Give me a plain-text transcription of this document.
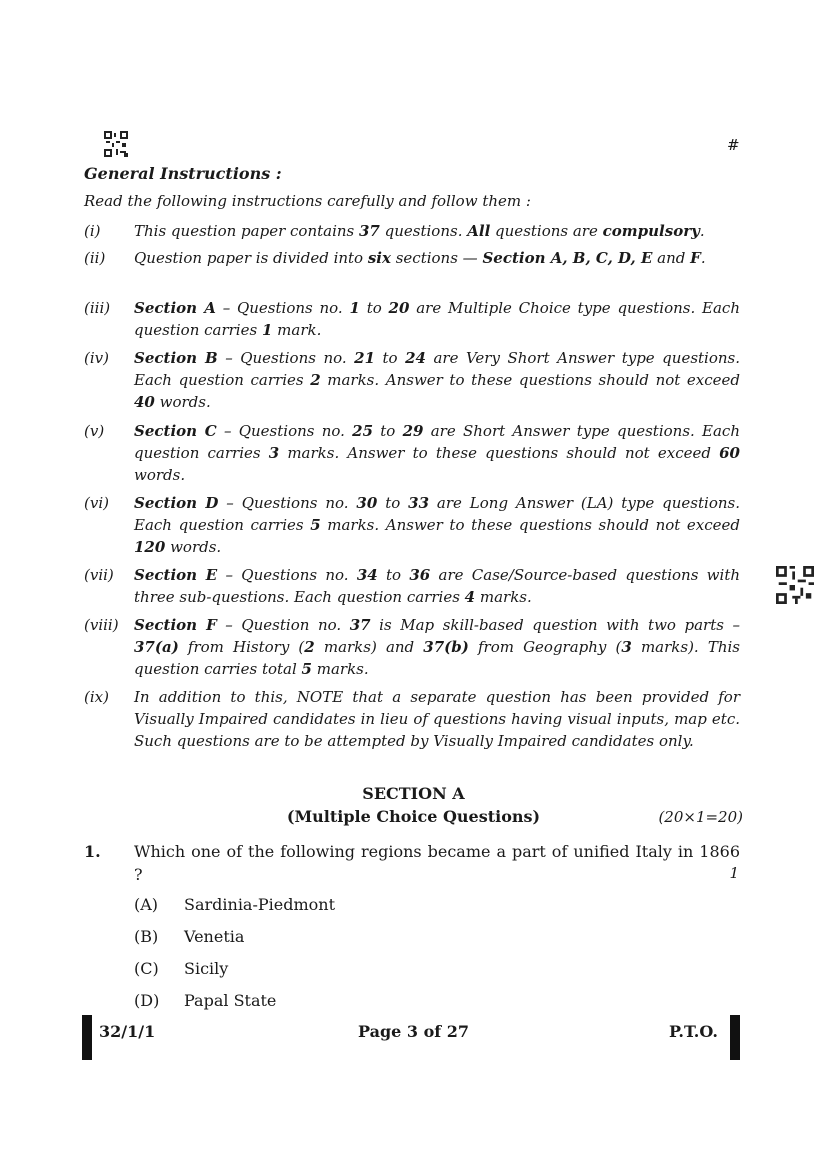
#
General Instructions :
Read the following instructions carefully and follow them :
(i) This question paper contains 37 questions. All questions are compulsory.
(ii) Question paper is divided into six sections — Section A, B, C, D, E and F.
(iii) Section A – Questions no. 1 to 20 are Multiple Choice type questions. Each question carries 1 mark.
(iv) Section B – Questions no. 21 to 24 are Very Short Answer type questions. Each question carries 2 marks. Answer to these questions should not exceed 40 words.
(v) Section C – Questions no. 25 to 29 are Short Answer type questions. Each question carries 3 marks. Answer to these questions should not exceed 60 words.
(vi) Section D – Questions no. 30 to 33 are Long Answer (LA) type questions. Each question carries 5 marks. Answer to these questions should not exceed 120 words.
(vii) Section E – Questions no. 34 to 36 are Case/Source-based questions with three sub-questions. Each question carries 4 marks.
(viii) Section F – Question no. 37 is Map skill-based question with two parts – 37(a) from History (2 marks) and 37(b) from Geography (3 marks). This question carries total 5 marks.
(ix) In addition to this, NOTE that a separate question has been provided for Visually Impaired candidates in lieu of questions having visual inputs, map etc. Such questions are to be attempted by Visually Impaired candidates only.
SECTION A
(Multiple Choice Questions)	(20×1=20)
1. Which one of the following regions became a part of unified Italy in 1866 ?	1
(A) Sardinia-Piedmont
(B) Venetia
(C) Sicily
(D) Papal State
32/1/1	Page 3 of 27	P.T.O.
